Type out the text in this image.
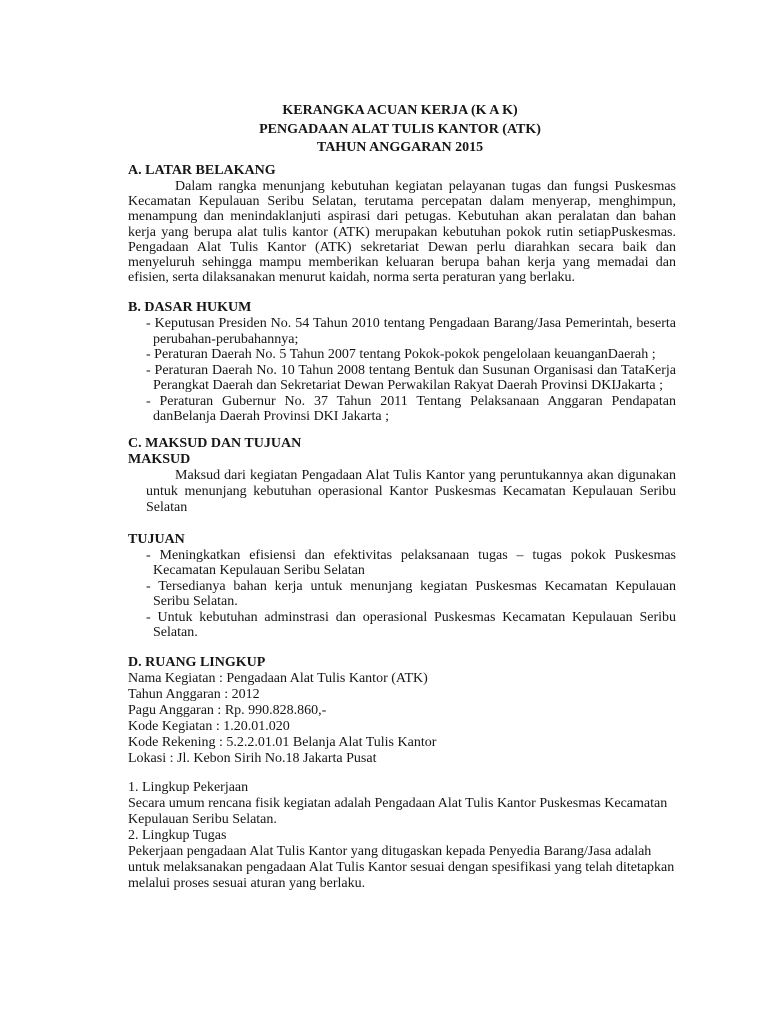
KERANGKA ACUAN KERJA (K A K)
PENGADAAN ALAT TULIS KANTOR (ATK)
TAHUN ANGGARAN 2015
A. LATAR BELAKANG

Dalam rangka menunjang kebutuhan kegiatan pelayanan tugas dan fungsi Puskesmas Kecamatan Kepulauan Seribu Selatan, terutama percepatan dalam menyerap, menghimpun, menampung dan menindaklanjuti aspirasi dari petugas. Kebutuhan akan peralatan dan bahan kerja yang berupa alat tulis kantor (ATK) merupakan kebutuhan pokok rutin setiapPuskesmas. Pengadaan Alat Tulis Kantor (ATK) sekretariat Dewan perlu diarahkan secara baik dan menyeluruh sehingga mampu memberikan keluaran berupa bahan kerja yang memadai dan efisien, serta dilaksanakan menurut kaidah, norma serta peraturan yang berlaku.

B. DASAR HUKUM
- Keputusan Presiden No. 54 Tahun 2010 tentang Pengadaan Barang/Jasa Pemerintah, beserta perubahan-perubahannya;
- Peraturan Daerah No. 5 Tahun 2007 tentang Pokok-pokok pengelolaan keuanganDaerah ;
- Peraturan Daerah No. 10 Tahun 2008 tentang Bentuk dan Susunan Organisasi dan TataKerja Perangkat Daerah dan Sekretariat Dewan Perwakilan Rakyat Daerah Provinsi DKIJakarta ;
- Peraturan Gubernur No. 37 Tahun 2011 Tentang Pelaksanaan Anggaran Pendapatan danBelanja Daerah Provinsi DKI Jakarta ;
C. MAKSUD DAN TUJUAN
MAKSUD

Maksud dari kegiatan Pengadaan Alat Tulis Kantor yang peruntukannya akan digunakan untuk menunjang kebutuhan operasional Kantor Puskesmas Kecamatan Kepulauan Seribu Selatan

TUJUAN
- Meningkatkan efisiensi dan efektivitas pelaksanaan tugas – tugas pokok Puskesmas Kecamatan Kepulauan Seribu Selatan
- Tersedianya bahan kerja untuk menunjang kegiatan Puskesmas Kecamatan Kepulauan Seribu Selatan.
- Untuk kebutuhan adminstrasi dan operasional Puskesmas Kecamatan Kepulauan Seribu Selatan.
D. RUANG LINGKUP
Nama Kegiatan : Pengadaan Alat Tulis Kantor (ATK)
Tahun Anggaran : 2012
Pagu Anggaran : Rp. 990.828.860,-
Kode Kegiatan : 1.20.01.020
Kode Rekening : 5.2.2.01.01 Belanja Alat Tulis Kantor
Lokasi : Jl. Kebon Sirih No.18 Jakarta Pusat
1. Lingkup Pekerjaan

Secara umum rencana fisik kegiatan adalah Pengadaan Alat Tulis Kantor Puskesmas Kecamatan Kepulauan Seribu Selatan.

2. Lingkup Tugas

Pekerjaan pengadaan Alat Tulis Kantor yang ditugaskan kepada Penyedia Barang/Jasa adalah untuk melaksanakan pengadaan Alat Tulis Kantor sesuai dengan spesifikasi yang telah ditetapkan melalui proses sesuai aturan yang berlaku.
